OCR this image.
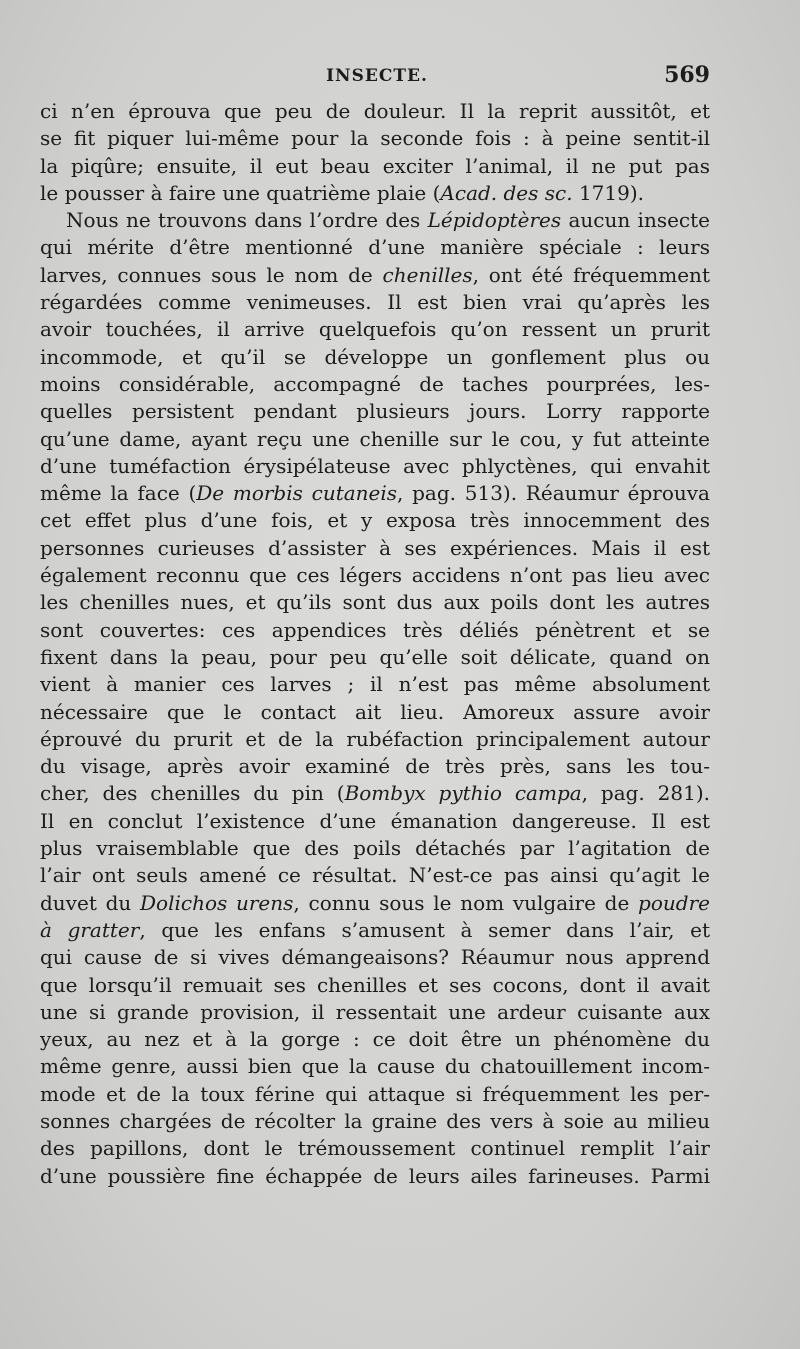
INSECTE.	569
ci n’en éprouva que peu de douleur. Il la reprit aussitôt, et
se fit piquer lui-même pour la seconde fois : à peine sentit-il
la piqûre; ensuite, il eut beau exciter l’animal, il ne put pas
le pousser à faire une quatrième plaie (Acad. des sc. 1719).
Nous ne trouvons dans l’ordre des Lépidoptères aucun insecte
qui mérite d’être mentionné d’une manière spéciale : leurs
larves, connues sous le nom de chenilles, ont été fréquemment
régardées comme venimeuses. Il est bien vrai qu’après les
avoir touchées, il arrive quelquefois qu’on ressent un prurit
incommode, et qu’il se développe un gonflement plus ou
moins considérable, accompagné de taches pourprées, les-
quelles persistent pendant plusieurs jours. Lorry rapporte
qu’une dame, ayant reçu une chenille sur le cou, y fut atteinte
d’une tuméfaction érysipélateuse avec phlyctènes, qui envahit
même la face (De morbis cutaneis, pag. 513). Réaumur éprouva
cet effet plus d’une fois, et y exposa très innocemment des
personnes curieuses d’assister à ses expériences. Mais il est
également reconnu que ces légers accidens n’ont pas lieu avec
les chenilles nues, et qu’ils sont dus aux poils dont les autres
sont couvertes: ces appendices très déliés pénètrent et se
fixent dans la peau, pour peu qu’elle soit délicate, quand on
vient à manier ces larves ; il n’est pas même absolument
nécessaire que le contact ait lieu. Amoreux assure avoir
éprouvé du prurit et de la rubéfaction principalement autour
du visage, après avoir examiné de très près, sans les tou-
cher, des chenilles du pin (Bombyx pythio campa, pag. 281).
Il en conclut l’existence d’une émanation dangereuse. Il est
plus vraisemblable que des poils détachés par l’agitation de
l’air ont seuls amené ce résultat. N’est-ce pas ainsi qu’agit le
duvet du Dolichos urens, connu sous le nom vulgaire de poudre
à gratter, que les enfans s’amusent à semer dans l’air, et
qui cause de si vives démangeaisons? Réaumur nous apprend
que lorsqu’il remuait ses chenilles et ses cocons, dont il avait
une si grande provision, il ressentait une ardeur cuisante aux
yeux, au nez et à la gorge : ce doit être un phénomène du
même genre, aussi bien que la cause du chatouillement incom-
mode et de la toux férine qui attaque si fréquemment les per-
sonnes chargées de récolter la graine des vers à soie au milieu
des papillons, dont le trémoussement continuel remplit l’air
d’une poussière fine échappée de leurs ailes farineuses. Parmi
